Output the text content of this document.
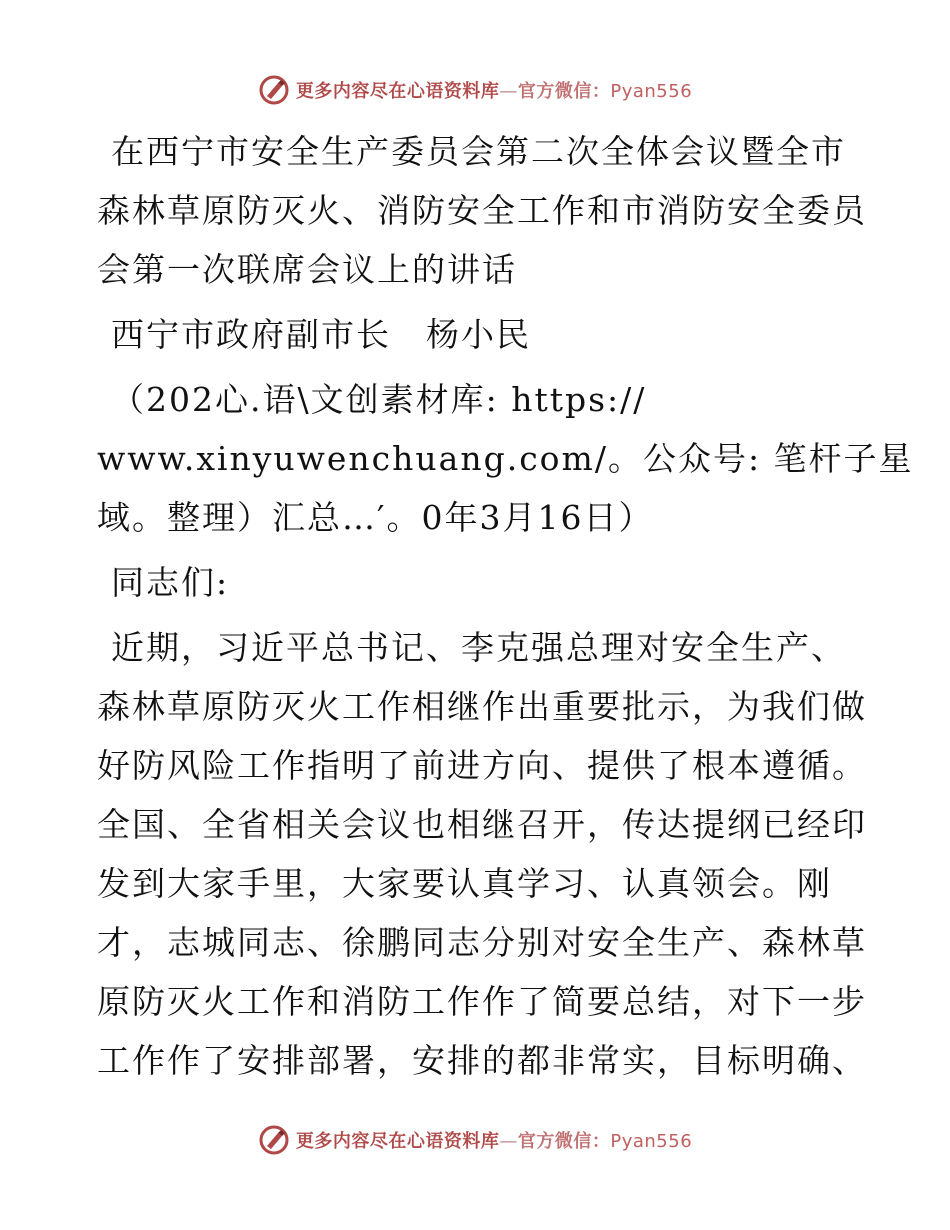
更多内容尽在心语资料库—官方微信：Pyan556
在西宁市安全生产委员会第二次全体会议暨全市
森林草原防灭火、消防安全工作和市消防安全委员
会第一次联席会议上的讲话
西宁市政府副市长　杨小民
（202心.语\文创素材库: https://
www.xinyuwenchuang.com/。公众号: 笔杆子星
域。整理）汇总…′。0年3月16日）
同志们:
近期，习近平总书记、李克强总理对安全生产、
森林草原防灭火工作相继作出重要批示，为我们做
好防风险工作指明了前进方向、提供了根本遵循。
全国、全省相关会议也相继召开，传达提纲已经印
发到大家手里，大家要认真学习、认真领会。刚
才，志城同志、徐鹏同志分别对安全生产、森林草
原防灭火工作和消防工作作了简要总结，对下一步
工作作了安排部署，安排的都非常实，目标明确、
更多内容尽在心语资料库—官方微信：Pyan556
